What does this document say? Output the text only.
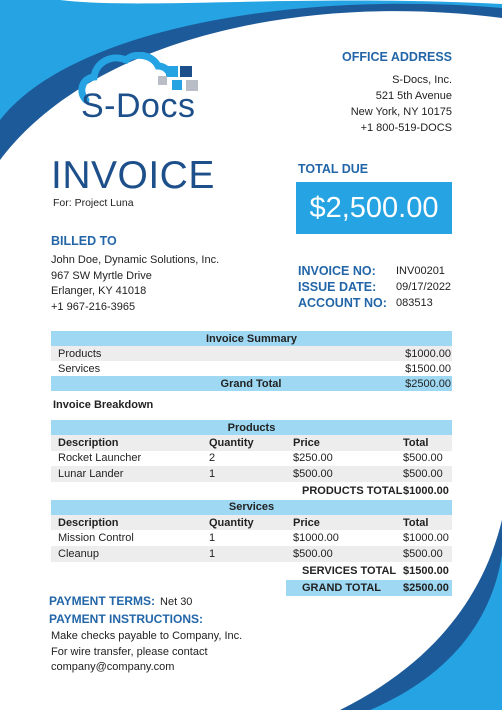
S-Docs
OFFICE ADDRESS
S-Docs, Inc.
521 5th Avenue
New York, NY 10175
+1 800-519-DOCS
INVOICE
For: Project Luna
TOTAL DUE
$2,500.00
BILLED TO
John Doe, Dynamic Solutions, Inc.
967 SW Myrtle Drive
Erlanger, KY 41018
+1 967-216-3965
INVOICE NO:	INV00201
ISSUE DATE:	09/17/2022
ACCOUNT NO: 083513
Invoice Summary
Products	$1000.00
Services	$1500.00
Grand Total	$2500.00
Invoice Breakdown
Products
Description	Quantity	Price	Total
Rocket Launcher	2	$250.00	$500.00
Lunar Lander	1	$500.00	$500.00
PRODUCTS TOTAL $1000.00
Services
Description	Quantity	Price	Total
Mission Control	1	$1000.00	$1000.00
Cleanup	1	$500.00	$500.00
SERVICES TOTAL $1500.00
GRAND TOTAL	$2500.00
PAYMENT TERMS: Net 30
PAYMENT INSTRUCTIONS:
Make checks payable to Company, Inc.
For wire transfer, please contact
company@company.com
